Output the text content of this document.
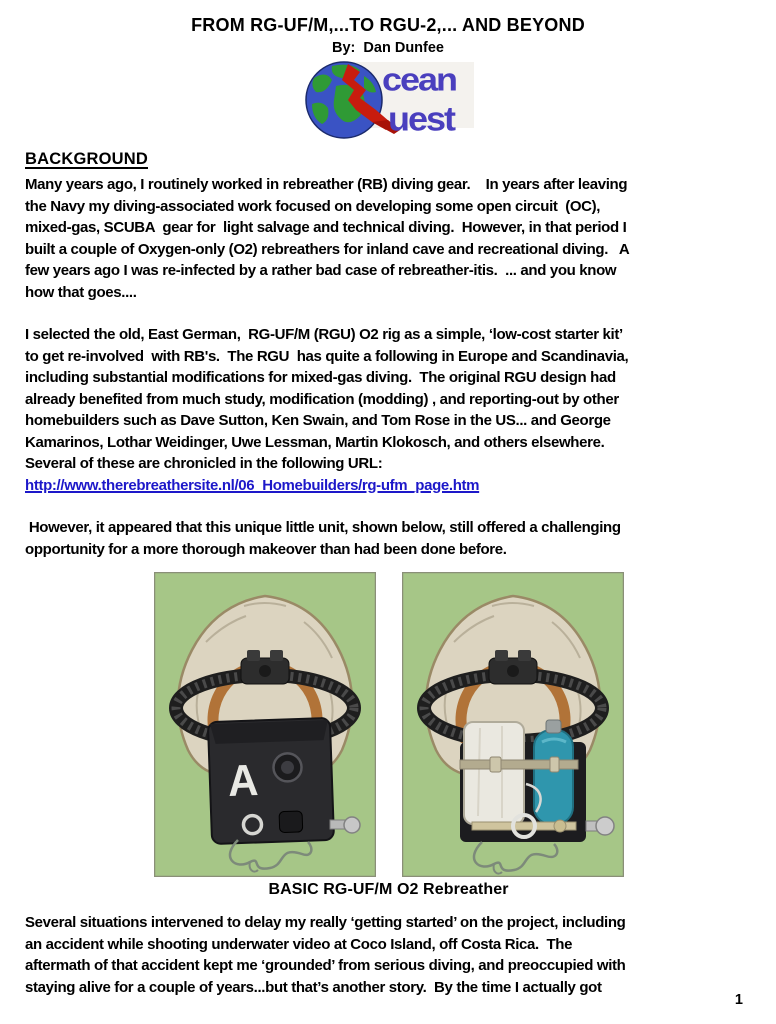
FROM RG-UF/M,...TO RGU-2,... AND BEYOND
By:  Dan Dunfee
cean
uest
BACKGROUND
Many years ago, I routinely worked in rebreather (RB) diving gear.    In years after leaving
the Navy my diving-associated work focused on developing some open circuit  (OC),
mixed-gas, SCUBA  gear for  light salvage and technical diving.  However, in that period I
built a couple of Oxygen-only (O2) rebreathers for inland cave and recreational diving.   A
few years ago I was re-infected by a rather bad case of rebreather-itis.  ... and you know
how that goes....
I selected the old, East German,  RG-UF/M (RGU) O2 rig as a simple, ‘low-cost starter kit’
to get re-involved  with RB's.  The RGU  has quite a following in Europe and Scandinavia,
including substantial modifications for mixed-gas diving.  The original RGU design had
already benefited from much study, modification (modding) , and reporting-out by other
homebuilders such as Dave Sutton, Ken Swain, and Tom Rose in the US... and George
Kamarinos, Lothar Weidinger, Uwe Lessman, Martin Klokosch, and others elsewhere.
Several of these are chronicled in the following URL:
http://www.therebreathersite.nl/06_Homebuilders/rg-ufm_page.htm
However, it appeared that this unique little unit, shown below, still offered a challenging
opportunity for a more thorough makeover than had been done before.
A
BASIC RG-UF/M O2 Rebreather
Several situations intervened to delay my really ‘getting started’ on the project, including
an accident while shooting underwater video at Coco Island, off Costa Rica.  The
aftermath of that accident kept me ‘grounded’ from serious diving, and preoccupied with
staying alive for a couple of years...but that’s another story.  By the time I actually got
1
